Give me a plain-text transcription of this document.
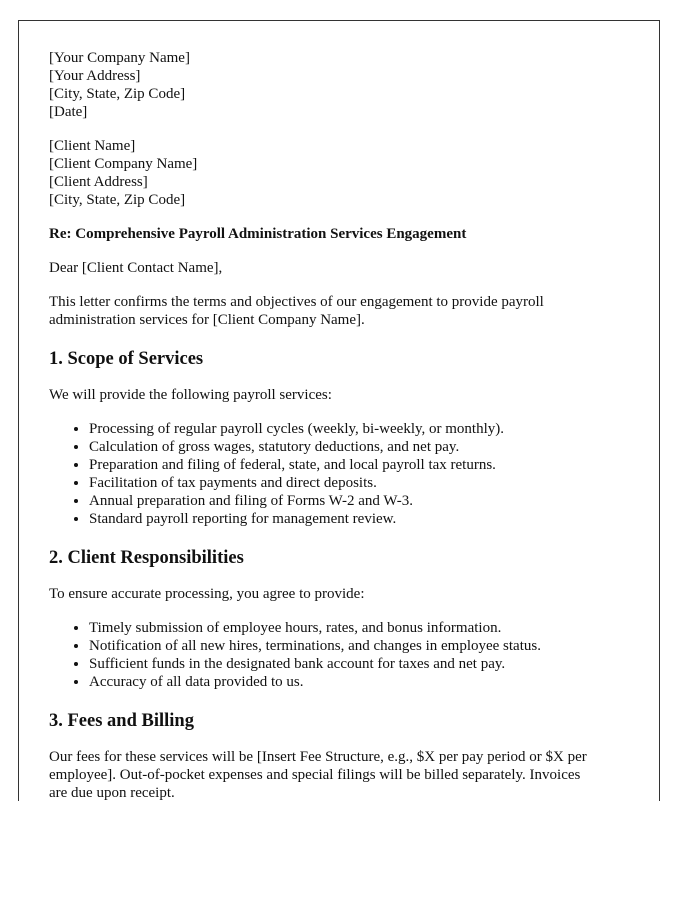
[Your Company Name]
[Your Address]
[City, State, Zip Code]
[Date]
[Client Name]
[Client Company Name]
[Client Address]
[City, State, Zip Code]
Re: Comprehensive Payroll Administration Services Engagement
Dear [Client Contact Name],
This letter confirms the terms and objectives of our engagement to provide payroll
administration services for [Client Company Name].
1. Scope of Services
We will provide the following payroll services:
• Processing of regular payroll cycles (weekly, bi-weekly, or monthly).
• Calculation of gross wages, statutory deductions, and net pay.
• Preparation and filing of federal, state, and local payroll tax returns.
• Facilitation of tax payments and direct deposits.
• Annual preparation and filing of Forms W-2 and W-3.
• Standard payroll reporting for management review.
2. Client Responsibilities
To ensure accurate processing, you agree to provide:
• Timely submission of employee hours, rates, and bonus information.
• Notification of all new hires, terminations, and changes in employee status.
• Sufficient funds in the designated bank account for taxes and net pay.
• Accuracy of all data provided to us.
3. Fees and Billing
Our fees for these services will be [Insert Fee Structure, e.g., $X per pay period or $X per
employee]. Out-of-pocket expenses and special filings will be billed separately. Invoices
are due upon receipt.
